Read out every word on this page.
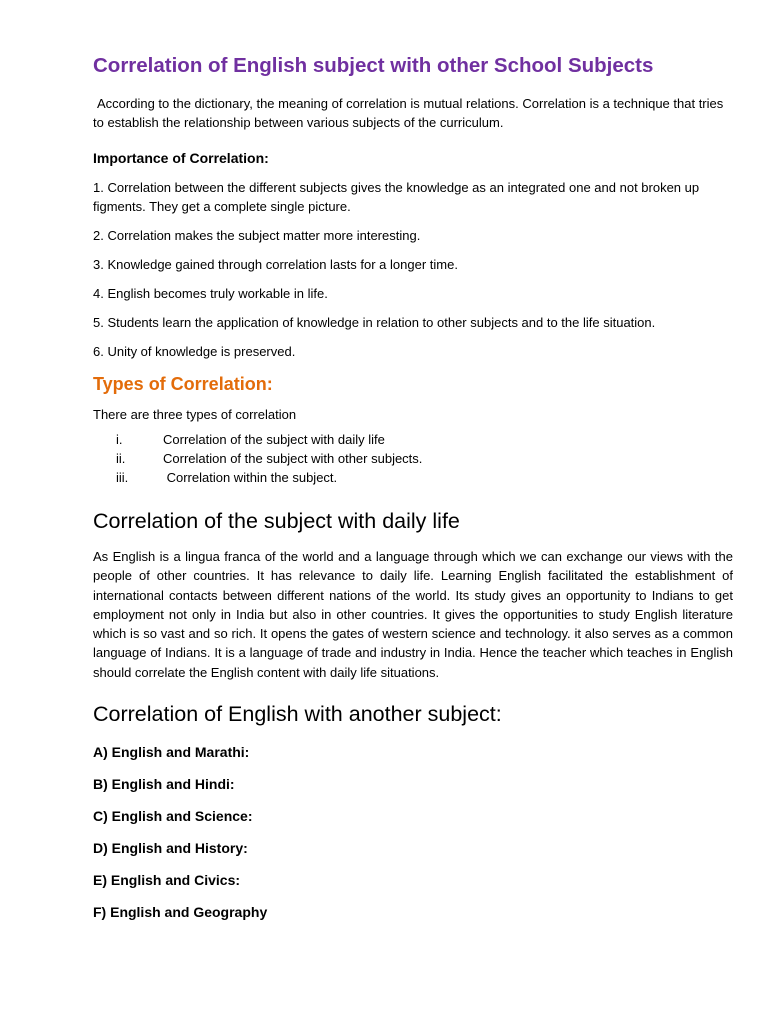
Correlation of English subject with other School Subjects

According to the dictionary, the meaning of correlation is mutual relations. Correlation is a technique that tries to establish the relationship between various subjects of the curriculum.

Importance of Correlation:

1. Correlation between the different subjects gives the knowledge as an integrated one and not broken up figments. They get a complete single picture.

2. Correlation makes the subject matter more interesting.

3. Knowledge gained through correlation lasts for a longer time.

4. English becomes truly workable in life.

5. Students learn the application of knowledge in relation to other subjects and to the life situation.

6. Unity of knowledge is preserved.

Types of Correlation:

There are three types of correlation

i.	Correlation of the subject with daily life
ii.	Correlation of the subject with other subjects.
iii.	Correlation within the subject.
Correlation of the subject with daily life

As English is a lingua franca of the world and a language through which we can exchange our views with the people of other countries. It has relevance to daily life. Learning English facilitated the establishment of international contacts between different nations of the world. Its study gives an opportunity to Indians to get employment not only in India but also in other countries. It gives the opportunities to study English literature which is so vast and so rich. It opens the gates of western science and technology. it also serves as a common language of Indians. It is a language of trade and industry in India. Hence the teacher which teaches in English should correlate the English content with daily life situations.

Correlation of English with another subject:
A) English and Marathi:
B) English and Hindi:
C) English and Science:
D) English and History:
E) English and Civics:
F) English and Geography
